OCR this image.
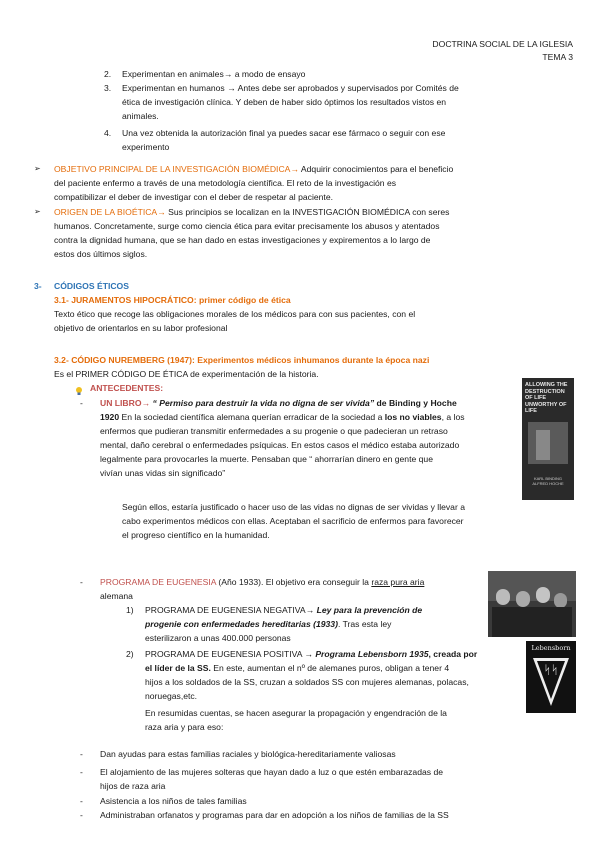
DOCTRINA SOCIAL DE LA IGLESIA
TEMA 3
2. Experimentan en animales→ a modo de ensayo
3. Experimentan en humanos → Antes debe ser aprobados y supervisados por Comités de
ética de investigación clínica. Y deben de haber sido óptimos los resultados vistos en
animales.
4. Una vez obtenida la autorización final ya puedes sacar ese fármaco o seguir con ese
experimento
➢ OBJETIVO PRINCIPAL DE LA INVESTIGACIÓN BIOMÉDICA→ Adquirir conocimientos para el beneficio
del paciente enfermo a través de una metodología científica. El reto de la investigación es
compatibilizar el deber de investigar con el deber de respetar al paciente.
➢ ORIGEN DE LA BIOÉTICA→ Sus principios se localizan en la INVESTIGACIÓN BIOMÉDICA con seres
humanos. Concretamente, surge como ciencia ética para evitar precisamente los abusos y atentados
contra la dignidad humana, que se han dado en estas investigaciones y expirementos a lo largo de
estos dos últimos siglos.
3- CÓDIGOS ÉTICOS
3.1- JURAMENTOS HIPOCRÁTICO: primer código de ética
Texto ético que recoge las obligaciones morales de los médicos para con sus pacientes, con el
objetivo de orientarlos en su labor profesional
3.2- CÓDIGO NUREMBERG (1947): Experimentos médicos inhumanos durante la época nazi
Es el PRIMER CÓDIGO DE ÉTICA de experimentación de la historia.
ANTECEDENTES:
- UN LIBRO→ “ Permiso para destruir la vida no digna de ser vivida” de Binding y Hoche
1920 En la sociedad científica alemana querían erradicar de la sociedad a los no viables, a los
enfermos que pudieran transmitir enfermedades a su progenie o que padecieran un retraso
mental, daño cerebral o enfermedades psíquicas. En estos casos el médico estaba autorizado
legalmente para provocarles la muerte. Pensaban que “ ahorrarían dinero en gente que
vivían unas vidas sin significado”
Según ellos, estaría justificado o hacer uso de las vidas no dignas de ser vividas y llevar a
cabo experimentos médicos con ellas. Aceptaban el sacrificio de enfermos para favorecer
el progreso científico en la humanidad.
ALLOWING THE DESTRUCTION OF LIFE UNWORTHY OF LIFE
KARL BINDING ALFRED HOCHE
- PROGRAMA DE EUGENESIA (Año 1933). El objetivo era conseguir la raza pura aria
alemana
1) PROGRAMA DE EUGENESIA NEGATIVA→ Ley para la prevención de
progenie con enfermedades hereditarias (1933). Tras esta ley
esterilizaron a unas 400.000 personas
2) PROGRAMA DE EUGENESIA POSITIVA → Programa Lebensborn 1935, creada por
el líder de la SS. En este, aumentan el nº de alemanes puros, obligan a tener 4
hijos a los soldados de la SS, cruzan a soldados SS con mujeres alemanas, polacas,
noruegas,etc.
En resumidas cuentas, se hacen asegurar la propagación y engendración de la
raza aria y para eso:
Lebensborn
ᛋᛋ
- Dan ayudas para estas familias raciales y biológica-hereditariamente valiosas
- El alojamiento de las mujeres solteras que hayan dado a luz o que estén embarazadas de
hijos de raza aria
- Asistencia a los niños de tales familias
- Administraban orfanatos y programas para dar en adopción a los niños de familias de la SS
